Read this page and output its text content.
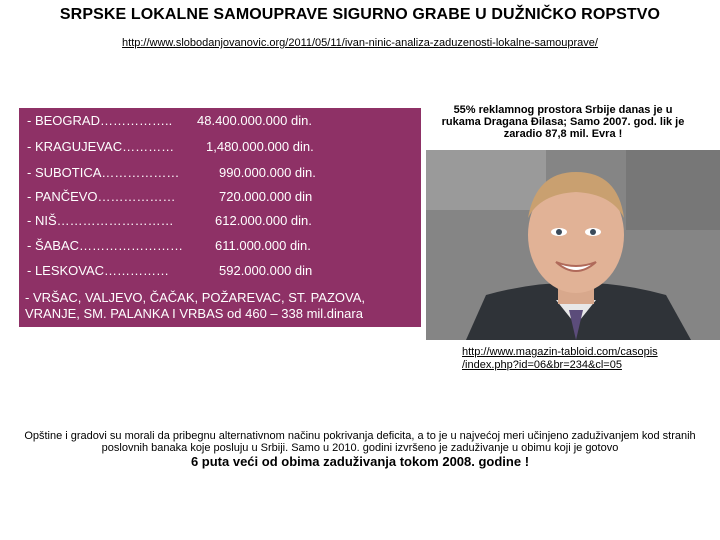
SRPSKE LOKALNE SAMOUPRAVE SIGURNO GRABE U DUŽNIČKO ROPSTVO
http://www.slobodanjovanovic.org/2011/05/11/ivan-ninic-analiza-zaduzenosti-lokalne-samouprave/
- BEOGRAD…………….. 48.400.000.000 din.
- KRAGUJEVAC………… 1,480.000.000 din.
- SUBOTICA………………	990.000.000 din.
- PANČEVO………………	720.000.000 din
- NIŠ………………………	612.000.000 din.
- ŠABAC…………………… 611.000.000 din.
- LESKOVAC……………	592.000.000 din
- VRŠAC, VALJEVO, ČAČAK, POŽAREVAC, ST. PAZOVA, VRANJE, SM. PALANKA I VRBAS od 460 – 338 mil.dinara
55% reklamnog prostora Srbije danas je u rukama Dragana Đilasa; Samo 2007. god. lik je zaradio 87,8 mil. Evra !
http://www.magazin-tabloid.com/casopis
/index.php?id=06&br=234&cl=05
Opštine i gradovi su morali da pribegnu alternativnom načinu pokrivanja deficita, a to je u najvećoj meri učinjeno zaduživanjem kod stranih poslovnih banaka koje posluju u Srbiji. Samo u 2010. godini izvršeno je zaduživanje u obimu koji je gotovo
6 puta veći od obima zaduživanja tokom 2008. godine !
